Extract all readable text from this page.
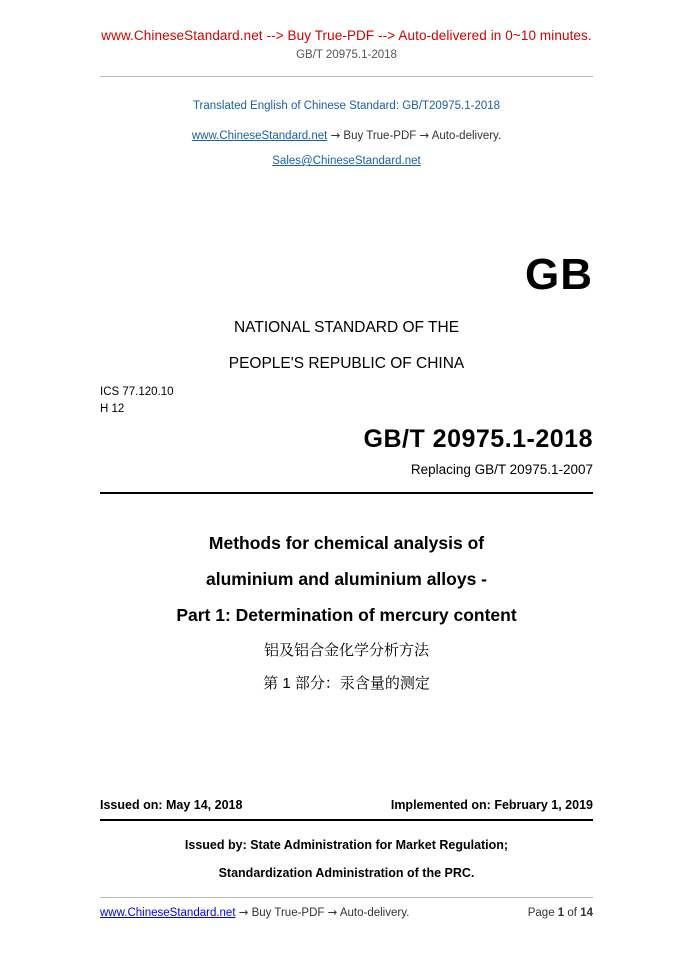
www.ChineseStandard.net --> Buy True-PDF --> Auto-delivered in 0~10 minutes.
GB/T 20975.1-2018
Translated English of Chinese Standard: GB/T20975.1-2018
www.ChineseStandard.net → Buy True-PDF → Auto-delivery.
Sales@ChineseStandard.net
GB
NATIONAL STANDARD OF THE
PEOPLE'S REPUBLIC OF CHINA
ICS 77.120.10
H 12
GB/T 20975.1-2018
Replacing GB/T 20975.1-2007
Methods for chemical analysis of
aluminium and aluminium alloys -
Part 1: Determination of mercury content
铝及铝合金化学分析方法
第 1 部分：汞含量的测定
Issued on: May 14, 2018	Implemented on: February 1, 2019
Issued by: State Administration for Market Regulation;
Standardization Administration of the PRC.
www.ChineseStandard.net → Buy True-PDF → Auto-delivery.	Page 1 of 14
